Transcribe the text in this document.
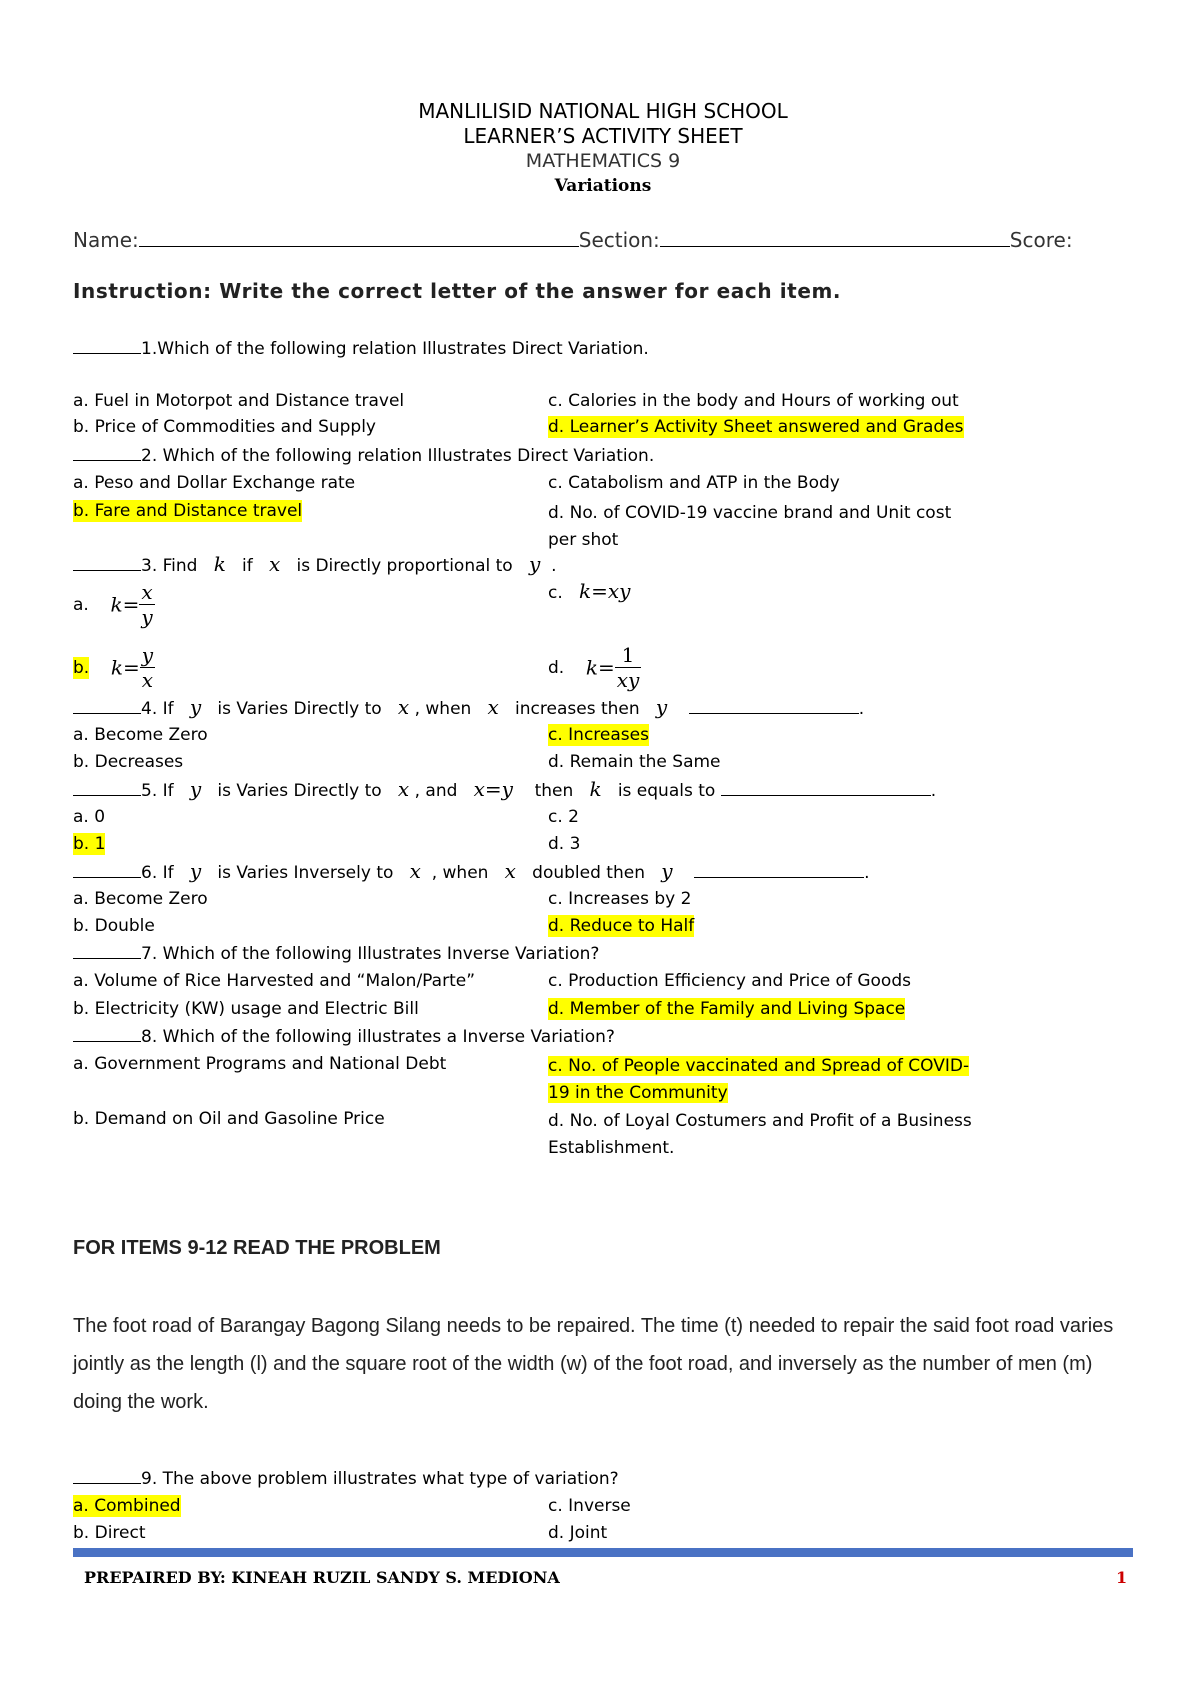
MANLILISID NATIONAL HIGH SCHOOL
LEARNER’S ACTIVITY SHEET
MATHEMATICS 9
Variations
Name:	Section:	Score:
Instruction: Write the correct letter of the answer for each item.
1.Which of the following relation Illustrates Direct Variation.
a. Fuel in Motorpot and Distance travel
b. Price of Commodities and Supply
c. Calories in the body and Hours of working out
d. Learner’s Activity Sheet answered and Grades
2. Which of the following relation Illustrates Direct Variation.
a. Peso and Dollar Exchange rate
b. Fare and Distance travel
c. Catabolism and ATP in the Body
d. No. of COVID-19 vaccine brand and Unit cost
per shot
3. Find k if x is Directly proportional to y .
a. $k= \frac{x}{y}$
b. $k= \frac{y}{x}$
c. k=xy
d. $k= \frac{1}{xy}$
4. If y is Varies Directly to x , when x increases then y	.
a. Become Zero
b. Decreases
c. Increases
d. Remain the Same
5. If y is Varies Directly to x , and x=y then k is equals to	.
a. 0
b. 1
c. 2
d. 3
6. If y is Varies Inversely to x , when x doubled then y	.
a. Become Zero
b. Double
c. Increases by 2
d. Reduce to Half
7. Which of the following Illustrates Inverse Variation?
a. Volume of Rice Harvested and “Malon/Parte”
b. Electricity (KW) usage and Electric Bill
c. Production Efficiency and Price of Goods
d. Member of the Family and Living Space
8. Which of the following illustrates a Inverse Variation?
a. Government Programs and National Debt
b. Demand on Oil and Gasoline Price
c. No. of People vaccinated and Spread of COVID-
19 in the Community
d. No. of Loyal Costumers and Profit of a Business
Establishment.
FOR ITEMS 9-12 READ THE PROBLEM
The foot road of Barangay Bagong Silang needs to be repaired. The time (t) needed to repair the said foot road varies jointly as the length (l) and the square root of the width (w) of the foot road, and inversely as the number of men (m) doing the work.
9. The above problem illustrates what type of variation?
a. Combined
b. Direct
c. Inverse
d. Joint
PREPAIRED BY: KINEAH RUZIL SANDY S. MEDIONA	1
